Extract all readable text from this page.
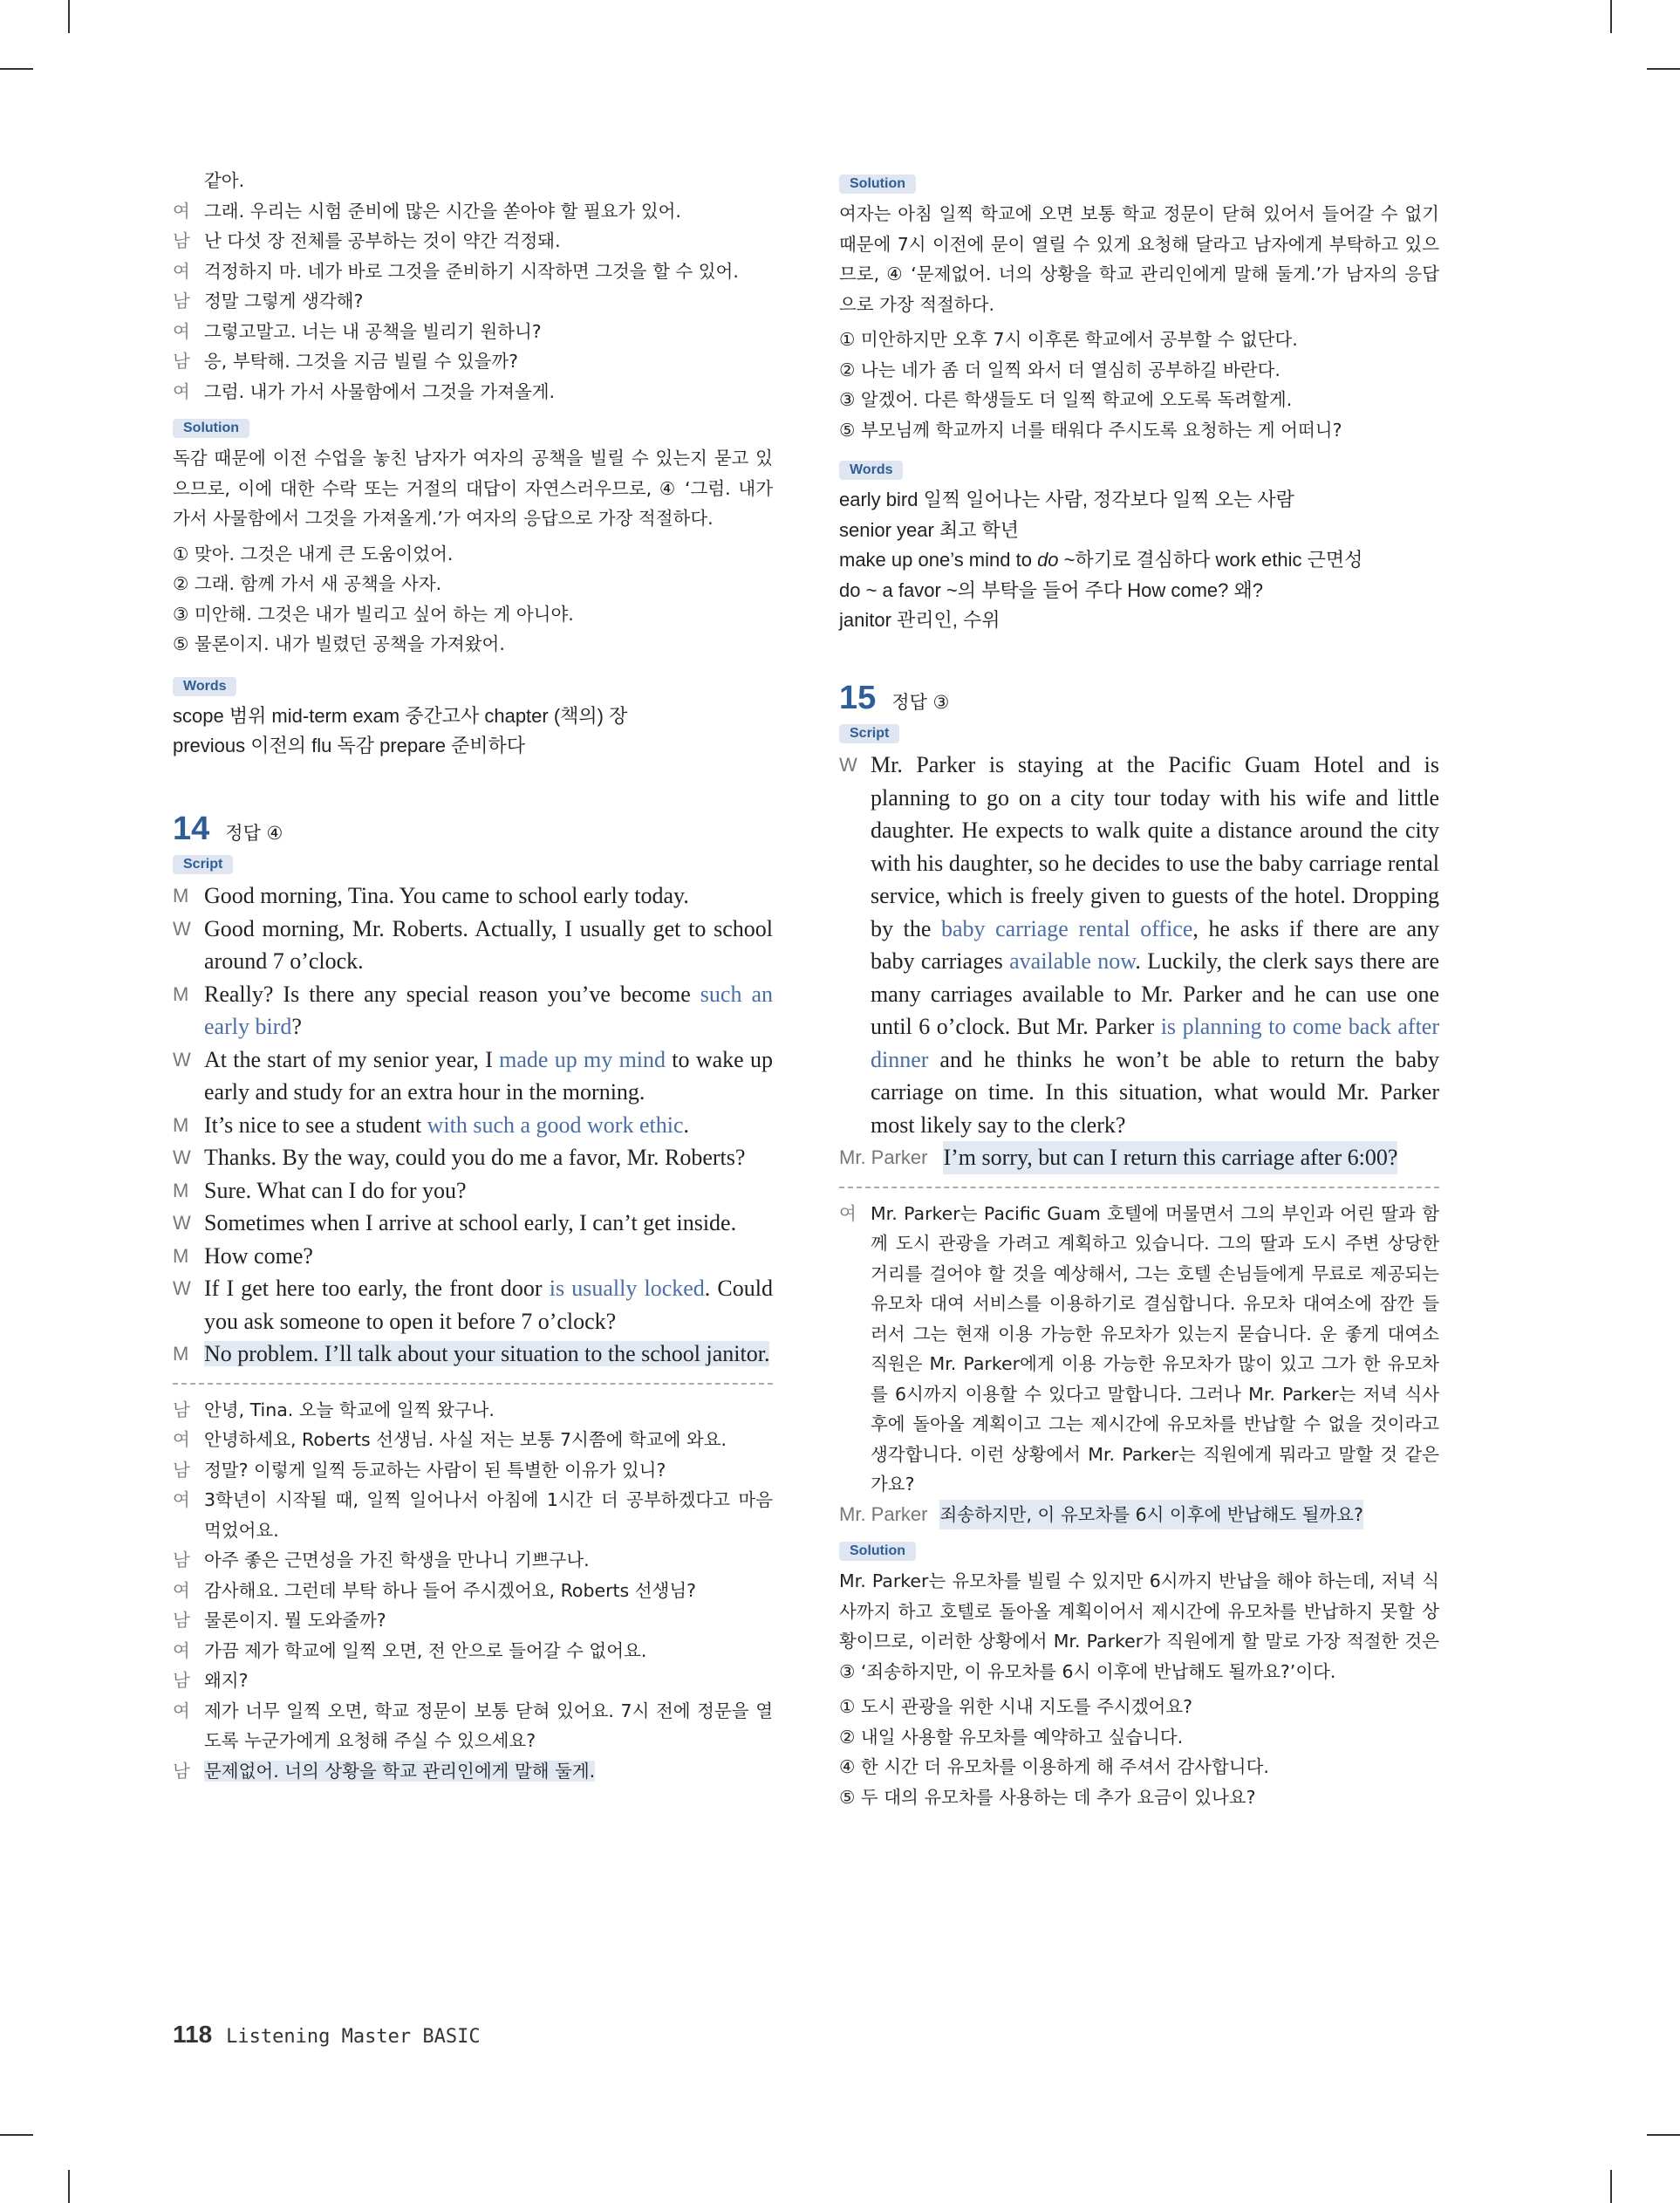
같아.
여 그래. 우리는 시험 준비에 많은 시간을 쏟아야 할 필요가 있어.
남 난 다섯 장 전체를 공부하는 것이 약간 걱정돼.
여 걱정하지 마. 네가 바로 그것을 준비하기 시작하면 그것을 할 수 있어.
남 정말 그렇게 생각해?
여 그렇고말고. 너는 내 공책을 빌리기 원하니?
남 응, 부탁해. 그것을 지금 빌릴 수 있을까?
여 그럼. 내가 가서 사물함에서 그것을 가져올게.
Solution
독감 때문에 이전 수업을 놓친 남자가 여자의 공책을 빌릴 수 있는지 묻고 있으므로, 이에 대한 수락 또는 거절의 대답이 자연스러우므로, ④ ‘그럼. 내가 가서 사물함에서 그것을 가져올게.’가 여자의 응답으로 가장 적절하다.
① 맞아. 그것은 내게 큰 도움이었어.
② 그래. 함께 가서 새 공책을 사자.
③ 미안해. 그것은 내가 빌리고 싶어 하는 게 아니야.
⑤ 물론이지. 내가 빌렸던 공책을 가져왔어.
Words
scope 범위 mid-term exam 중간고사 chapter (책의) 장
previous 이전의 flu 독감 prepare 준비하다
14 정답 ④
Script
M Good morning, Tina. You came to school early today.
W Good morning, Mr. Roberts. Actually, I usually get to school around 7 o’clock.
M Really? Is there any special reason you’ve become such an early bird?
W At the start of my senior year, I made up my mind to wake up early and study for an extra hour in the morning.
M It’s nice to see a student with such a good work ethic.
W Thanks. By the way, could you do me a favor, Mr. Roberts?
M Sure. What can I do for you?
W Sometimes when I arrive at school early, I can’t get inside.
M How come?
W If I get here too early, the front door is usually locked. Could you ask someone to open it before 7 o’clock?
M No problem. I’ll talk about your situation to the school janitor.
남 안녕, Tina. 오늘 학교에 일찍 왔구나.
여 안녕하세요, Roberts 선생님. 사실 저는 보통 7시쯤에 학교에 와요.
남 정말? 이렇게 일찍 등교하는 사람이 된 특별한 이유가 있니?
여 3학년이 시작될 때, 일찍 일어나서 아침에 1시간 더 공부하겠다고 마음 먹었어요.
남 아주 좋은 근면성을 가진 학생을 만나니 기쁘구나.
여 감사해요. 그런데 부탁 하나 들어 주시겠어요, Roberts 선생님?
남 물론이지. 뭘 도와줄까?
여 가끔 제가 학교에 일찍 오면, 전 안으로 들어갈 수 없어요.
남 왜지?
여 제가 너무 일찍 오면, 학교 정문이 보통 닫혀 있어요. 7시 전에 정문을 열도록 누군가에게 요청해 주실 수 있으세요?
남 문제없어. 너의 상황을 학교 관리인에게 말해 둘게.
Solution
여자는 아침 일찍 학교에 오면 보통 학교 정문이 닫혀 있어서 들어갈 수 없기 때문에 7시 이전에 문이 열릴 수 있게 요청해 달라고 남자에게 부탁하고 있으므로, ④ ‘문제없어. 너의 상황을 학교 관리인에게 말해 둘게.’가 남자의 응답으로 가장 적절하다.
① 미안하지만 오후 7시 이후론 학교에서 공부할 수 없단다.
② 나는 네가 좀 더 일찍 와서 더 열심히 공부하길 바란다.
③ 알겠어. 다른 학생들도 더 일찍 학교에 오도록 독려할게.
⑤ 부모님께 학교까지 너를 태워다 주시도록 요청하는 게 어떠니?
Words
early bird 일찍 일어나는 사람, 정각보다 일찍 오는 사람
senior year 최고 학년
make up one’s mind to do ~하기로 결심하다 work ethic 근면성
do ~ a favor ~의 부탁을 들어 주다 How come? 왜?
janitor 관리인, 수위
15 정답 ③
Script
W Mr. Parker is staying at the Pacific Guam Hotel and is planning to go on a city tour today with his wife and little daughter. He expects to walk quite a distance around the city with his daughter, so he decides to use the baby carriage rental service, which is freely given to guests of the hotel. Dropping by the baby carriage rental office, he asks if there are any baby carriages available now. Luckily, the clerk says there are many carriages available to Mr. Parker and he can use one until 6 o’clock. But Mr. Parker is planning to come back after dinner and he thinks he won’t be able to return the baby carriage on time. In this situation, what would Mr. Parker most likely say to the clerk?
Mr. Parker I’m sorry, but can I return this carriage after 6:00?
여 Mr. Parker는 Pacific Guam 호텔에 머물면서 그의 부인과 어린 딸과 함께 도시 관광을 가려고 계획하고 있습니다. 그의 딸과 도시 주변 상당한 거리를 걸어야 할 것을 예상해서, 그는 호텔 손님들에게 무료로 제공되는 유모차 대여 서비스를 이용하기로 결심합니다. 유모차 대여소에 잠깐 들러서 그는 현재 이용 가능한 유모차가 있는지 묻습니다. 운 좋게 대여소 직원은 Mr. Parker에게 이용 가능한 유모차가 많이 있고 그가 한 유모차를 6시까지 이용할 수 있다고 말합니다. 그러나 Mr. Parker는 저녁 식사 후에 돌아올 계획이고 그는 제시간에 유모차를 반납할 수 없을 것이라고 생각합니다. 이런 상황에서 Mr. Parker는 직원에게 뭐라고 말할 것 같은가요?
Mr. Parker 죄송하지만, 이 유모차를 6시 이후에 반납해도 될까요?
Solution
Mr. Parker는 유모차를 빌릴 수 있지만 6시까지 반납을 해야 하는데, 저녁 식사까지 하고 호텔로 돌아올 계획이어서 제시간에 유모차를 반납하지 못할 상황이므로, 이러한 상황에서 Mr. Parker가 직원에게 할 말로 가장 적절한 것은 ③ ‘죄송하지만, 이 유모차를 6시 이후에 반납해도 될까요?’이다.
① 도시 관광을 위한 시내 지도를 주시겠어요?
② 내일 사용할 유모차를 예약하고 싶습니다.
④ 한 시간 더 유모차를 이용하게 해 주셔서 감사합니다.
⑤ 두 대의 유모차를 사용하는 데 추가 요금이 있나요?
118 Listening Master BASIC
